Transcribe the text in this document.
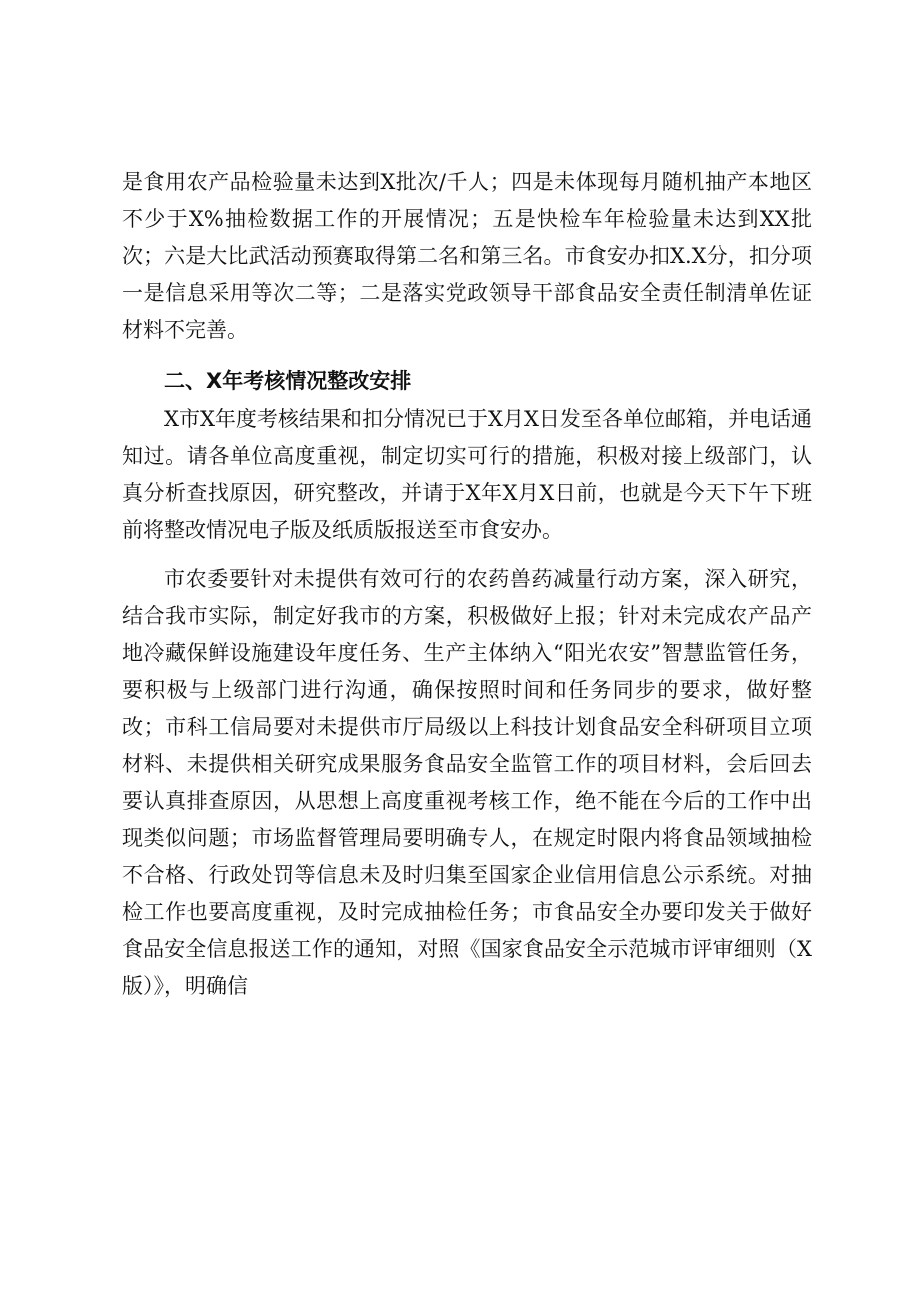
是食用农产品检验量未达到X批次/千人；四是未体现每月随机抽产本地区不少于X%抽检数据工作的开展情况；五是快检车年检验量未达到XX批次；六是大比武活动预赛取得第二名和第三名。市食安办扣X.X分，扣分项一是信息采用等次二等；二是落实党政领导干部食品安全责任制清单佐证材料不完善。

二、X年考核情况整改安排

X市X年度考核结果和扣分情况已于X月X日发至各单位邮箱，并电话通知过。请各单位高度重视，制定切实可行的措施，积极对接上级部门，认真分析查找原因，研究整改，并请于X年X月X日前，也就是今天下午下班前将整改情况电子版及纸质版报送至市食安办。

市农委要针对未提供有效可行的农药兽药减量行动方案，深入研究，结合我市实际，制定好我市的方案，积极做好上报；针对未完成农产品产地冷藏保鲜设施建设年度任务、生产主体纳入“阳光农安”智慧监管任务，要积极与上级部门进行沟通，确保按照时间和任务同步的要求，做好整改；市科工信局要对未提供市厅局级以上科技计划食品安全科研项目立项材料、未提供相关研究成果服务食品安全监管工作的项目材料，会后回去要认真排查原因，从思想上高度重视考核工作，绝不能在今后的工作中出现类似问题；市场监督管理局要明确专人，在规定时限内将食品领域抽检不合格、行政处罚等信息未及时归集至国家企业信用信息公示系统。对抽检工作也要高度重视，及时完成抽检任务；市食品安全办要印发关于做好食品安全信息报送工作的通知，对照《国家食品安全示范城市评审细则（X版）》，明确信
